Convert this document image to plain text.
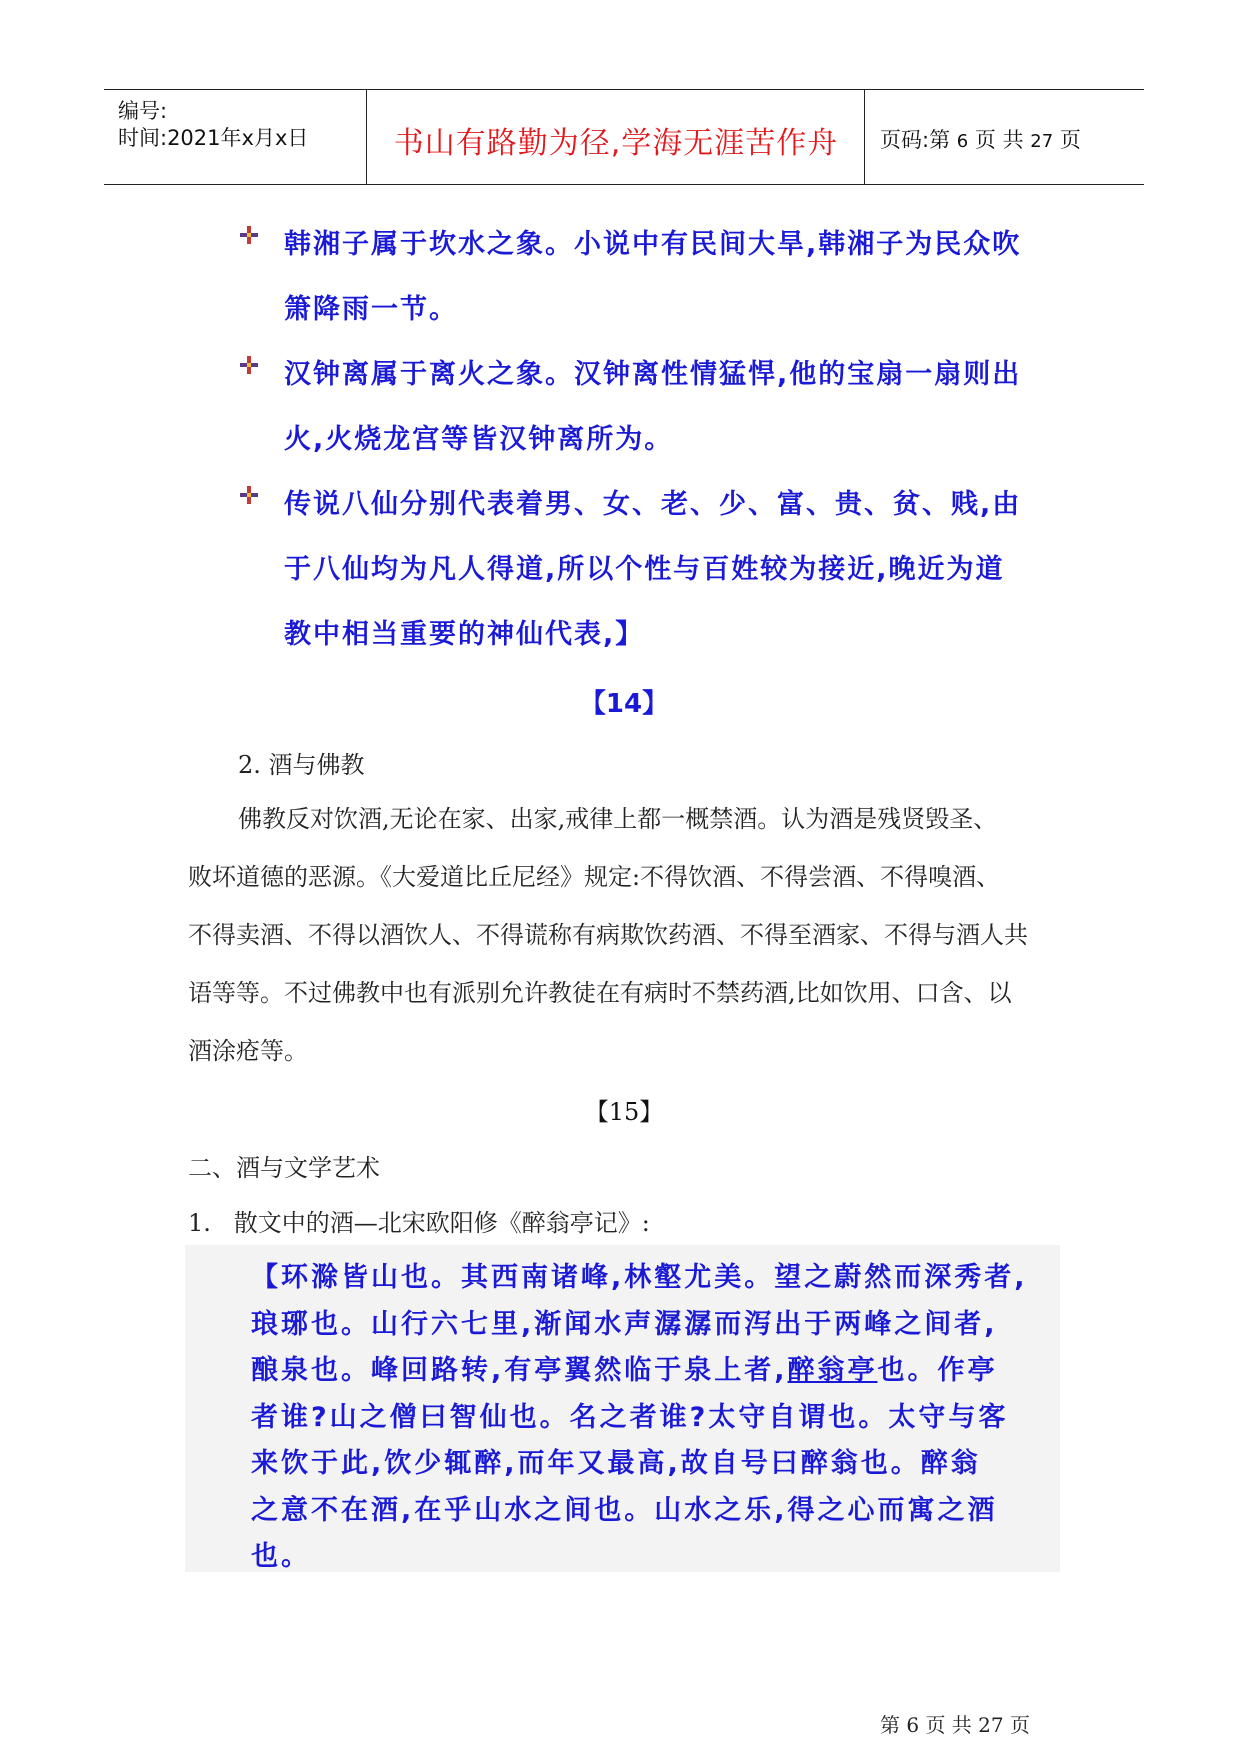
编号:
时间:2021年x月x日	书山有路勤为径,学海无涯苦作舟	页码:第 6 页 共 27 页
韩湘子属于坎水之象。小说中有民间大旱,韩湘子为民众吹
箫降雨一节。
汉钟离属于离火之象。汉钟离性情猛悍,他的宝扇一扇则出
火,火烧龙宫等皆汉钟离所为。
传说八仙分别代表着男、女、老、少、富、贵、贫、贱,由
于八仙均为凡人得道,所以个性与百姓较为接近,晚近为道
教中相当重要的神仙代表,】
【14】
2. 酒与佛教
佛教反对饮酒,无论在家、出家,戒律上都一概禁酒。认为酒是残贤毁圣、
败坏道德的恶源。《大爱道比丘尼经》规定:不得饮酒、不得尝酒、不得嗅酒、
不得卖酒、不得以酒饮人、不得谎称有病欺饮药酒、不得至酒家、不得与酒人共
语等等。不过佛教中也有派别允许教徒在有病时不禁药酒,比如饮用、口含、以
酒涂疮等。
【15】
二、酒与文学艺术
1.   散文中的酒—北宋欧阳修《醉翁亭记》:
【环滁皆山也。其西南诸峰,林壑尤美。望之蔚然而深秀者,
琅琊也。山行六七里,渐闻水声潺潺而泻出于两峰之间者,
酿泉也。峰回路转,有亭翼然临于泉上者,醉翁亭也。作亭
者谁?山之僧曰智仙也。名之者谁?太守自谓也。太守与客
来饮于此,饮少辄醉,而年又最高,故自号曰醉翁也。醉翁
之意不在酒,在乎山水之间也。山水之乐,得之心而寓之酒
也。
第 6 页 共 27 页
